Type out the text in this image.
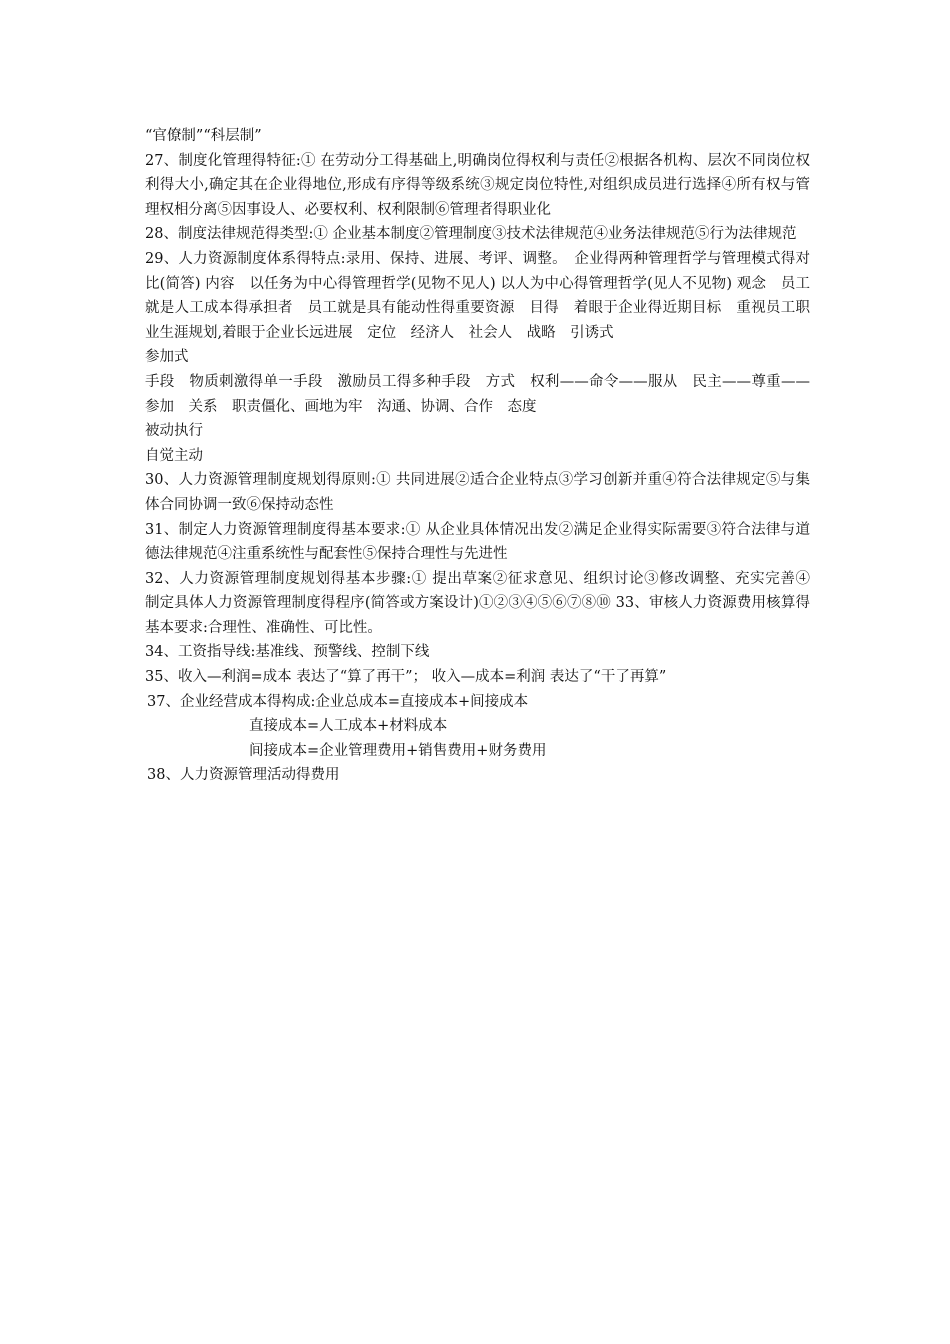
“官僚制”“科层制”

27、制度化管理得特征:① 在劳动分工得基础上,明确岗位得权利与责任②根据各机构、层次不同岗位权利得大小,确定其在企业得地位,形成有序得等级系统③规定岗位特性,对组织成员进行选择④所有权与管理权相分离⑤因事设人、必要权利、权利限制⑥管理者得职业化

28、制度法律规范得类型:① 企业基本制度②管理制度③技术法律规范④业务法律规范⑤行为法律规范

29、人力资源制度体系得特点:录用、保持、进展、考评、调整。　企业得两种管理哲学与管理模式得对比(简答) 内容　以任务为中心得管理哲学(见物不见人) 以人为中心得管理哲学(见人不见物) 观念　员工就是人工成本得承担者　员工就是具有能动性得重要资源　目得　着眼于企业得近期目标　重视员工职业生涯规划,着眼于企业长远进展　定位　经济人　社会人　战略　引诱式

参加式

手段　物质刺激得单一手段　激励员工得多种手段　方式　权利——命令——服从　民主——尊重——参加　关系　职责僵化、画地为牢　沟通、协调、合作　态度

被动执行

自觉主动

30、人力资源管理制度规划得原则:① 共同进展②适合企业特点③学习创新并重④符合法律规定⑤与集体合同协调一致⑥保持动态性

31、制定人力资源管理制度得基本要求:① 从企业具体情况出发②满足企业得实际需要③符合法律与道德法律规范④注重系统性与配套性⑤保持合理性与先进性

32、人力资源管理制度规划得基本步骤:① 提出草案②征求意见、组织讨论③修改调整、充实完善④　制定具体人力资源管理制度得程序(简答或方案设计)①②③④⑤⑥⑦⑧⑩ 33、审核人力资源费用核算得基本要求:合理性、准确性、可比性。

34、工资指导线:基准线、预警线、控制下线

35、收入—利润=成本 表达了“算了再干”； 收入—成本=利润 表达了“干了再算”

37、企业经营成本得构成:企业总成本=直接成本+间接成本

直接成本=人工成本+材料成本

间接成本=企业管理费用+销售费用+财务费用

38、人力资源管理活动得费用
